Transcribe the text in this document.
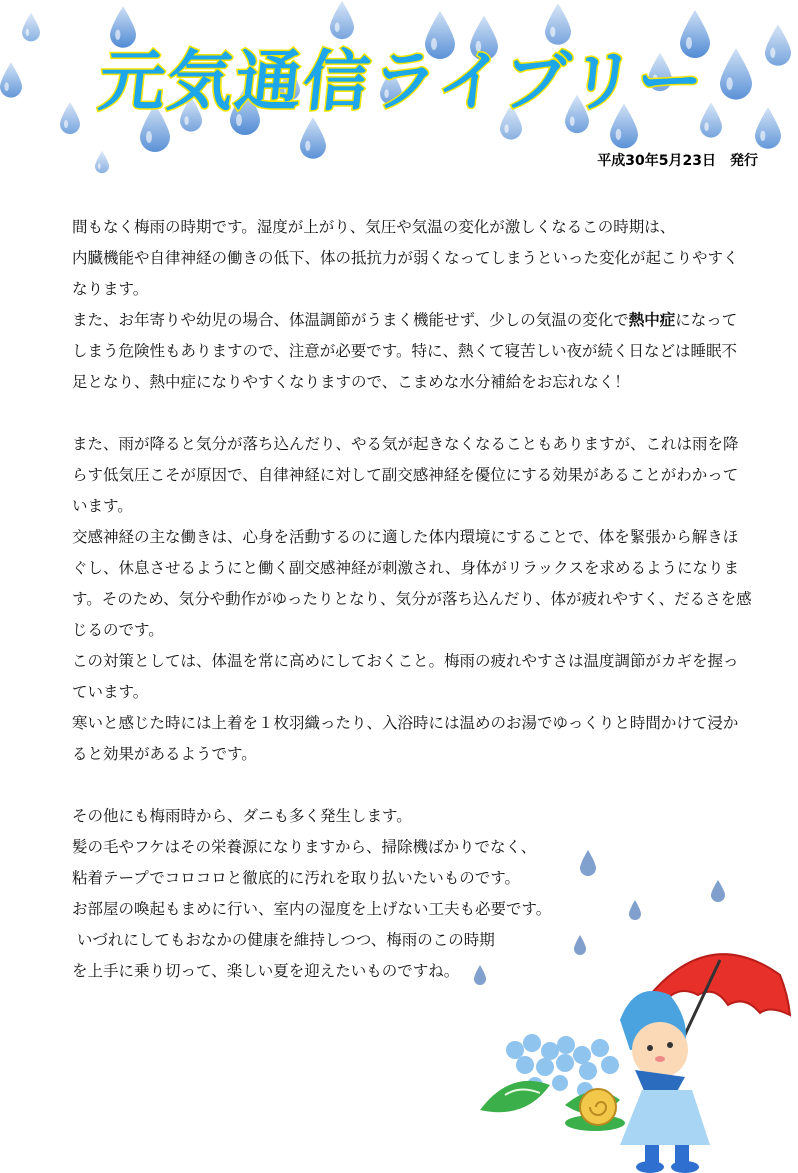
元気通信ライブリー
平成30年5月23日　発行

間もなく梅雨の時期です。湿度が上がり、気圧や気温の変化が激しくなるこの時期は、

内臓機能や自律神経の働きの低下、体の抵抗力が弱くなってしまうといった変化が起こりやすくなります。

また、お年寄りや幼児の場合、体温調節がうまく機能せず、少しの気温の変化で熱中症になってしまう危険性もありますので、注意が必要です。特に、熱くて寝苦しい夜が続く日などは睡眠不足となり、熱中症になりやすくなりますので、こまめな水分補給をお忘れなく！

また、雨が降ると気分が落ち込んだり、やる気が起きなくなることもありますが、これは雨を降らす低気圧こそが原因で、自律神経に対して副交感神経を優位にする効果があることがわかっています。

交感神経の主な働きは、心身を活動するのに適した体内環境にすることで、体を緊張から解きほぐし、休息させるようにと働く副交感神経が刺激され、身体がリラックスを求めるようになります。そのため、気分や動作がゆったりとなり、気分が落ち込んだり、体が疲れやすく、だるさを感じるのです。

この対策としては、体温を常に高めにしておくこと。梅雨の疲れやすさは温度調節がカギを握っています。

寒いと感じた時には上着を１枚羽織ったり、入浴時には温めのお湯でゆっくりと時間かけて浸かると効果があるようです。

その他にも梅雨時から、ダニも多く発生します。

髪の毛やフケはその栄養源になりますから、掃除機ばかりでなく、

粘着テープでコロコロと徹底的に汚れを取り払いたいものです。

お部屋の喚起もまめに行い、室内の湿度を上げない工夫も必要です。

いづれにしてもおなかの健康を維持しつつ、梅雨のこの時期

を上手に乗り切って、楽しい夏を迎えたいものですね。
